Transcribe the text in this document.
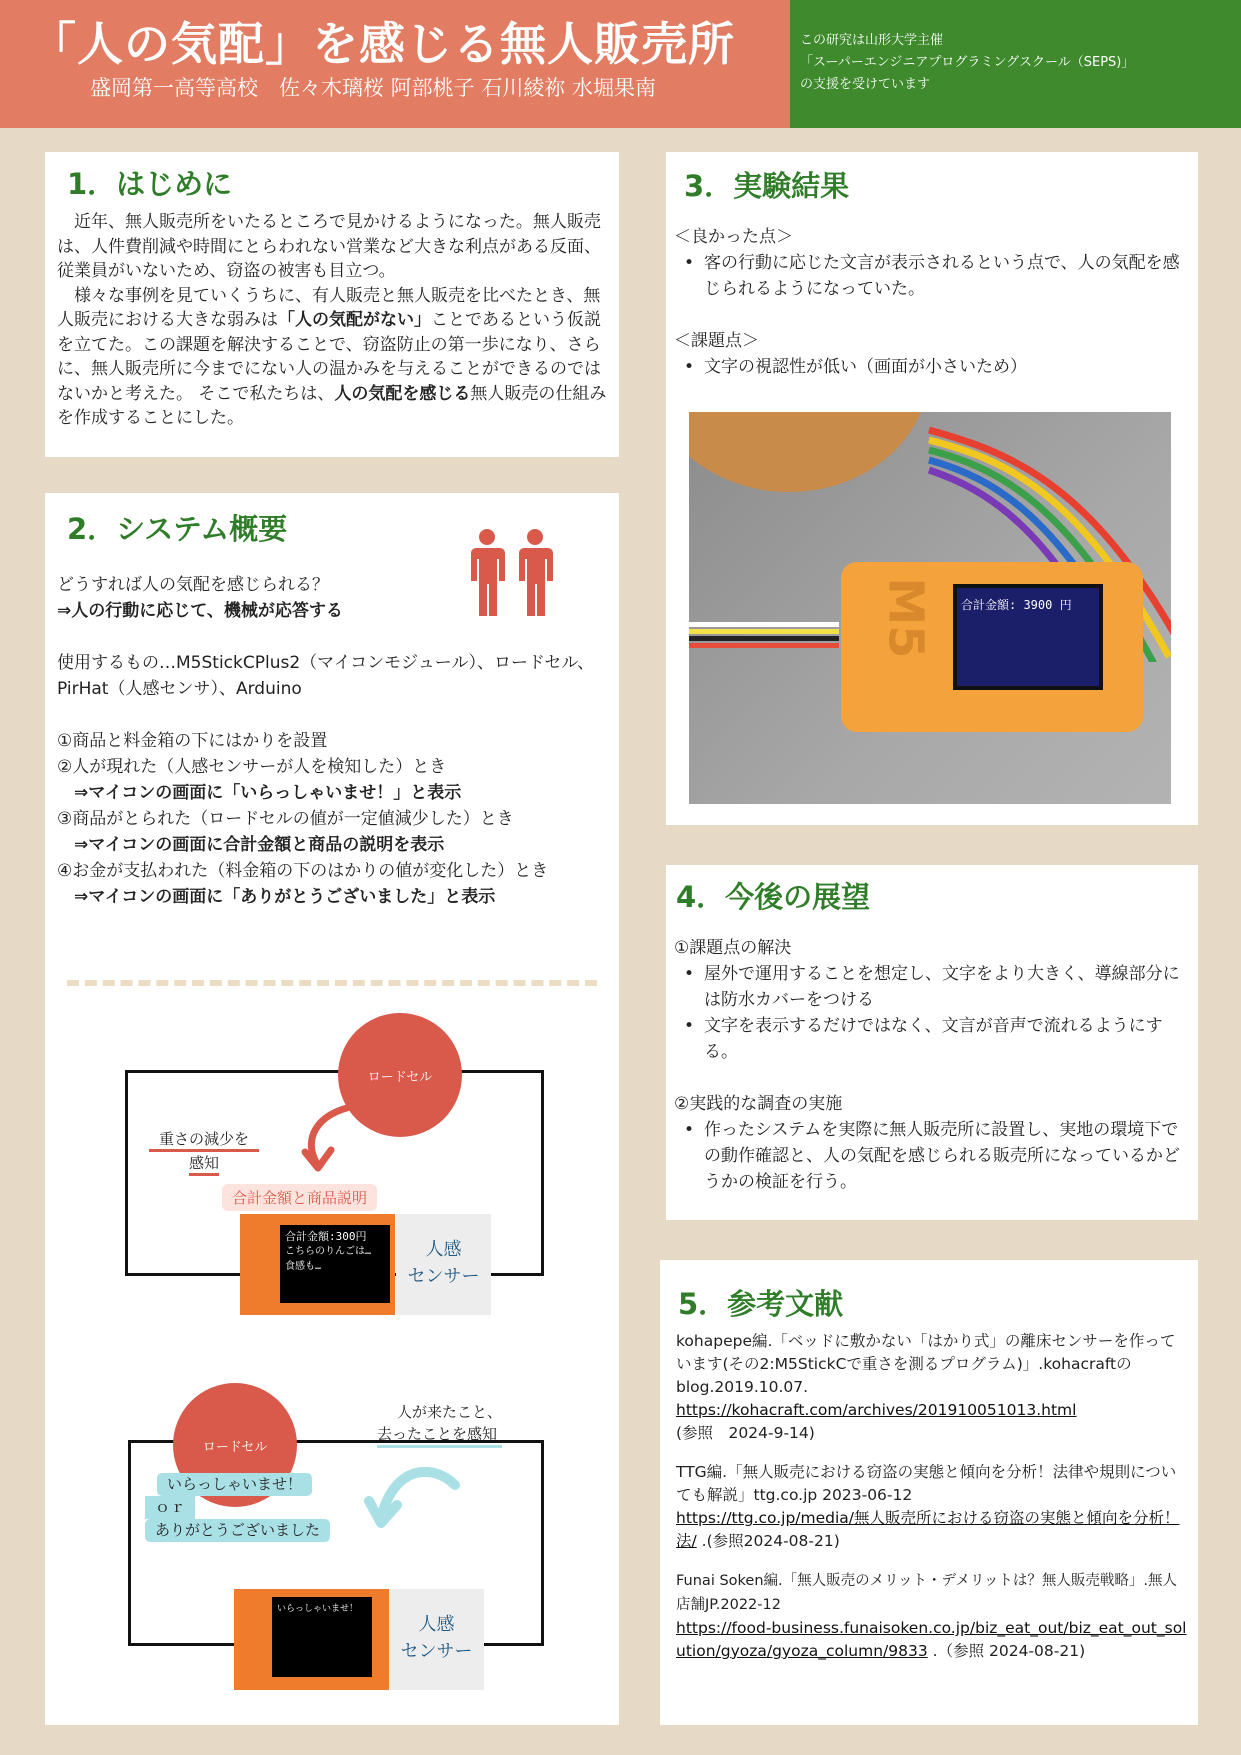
「人の気配」を感じる無人販売所
盛岡第一高等高校　佐々木璃桜 阿部桃子 石川綾祢 水堀果南
この研究は山形大学主催
「スーパーエンジニアプログラミングスクール（SEPS)」
の支援を受けています
1．はじめに

　近年、無人販売所をいたるところで見かけるようになった。無人販売は、人件費削減や時間にとらわれない営業など大きな利点がある反面、従業員がいないため、窃盗の被害も目立つ。

　様々な事例を見ていくうちに、有人販売と無人販売を比べたとき、無人販売における大きな弱みは「人の気配がない」ことであるという仮説を立てた。この課題を解決することで、窃盗防止の第一歩になり、さらに、無人販売所に今までにない人の温かみを与えることができるのではないかと考えた。 そこで私たちは、人の気配を感じる無人販売の仕組みを作成することにした。

2．システム概要

どうすれば人の気配を感じられる？

⇒人の行動に応じて、機械が応答する

使用するもの…M5StickCPlus2（マイコンモジュール）、ロードセル、PirHat（人感センサ）、Arduino

①商品と料金箱の下にはかりを設置

②人が現れた（人感センサーが人を検知した）とき

　⇒マイコンの画面に「いらっしゃいませ！」と表示

③商品がとられた（ロードセルの値が一定値減少した）とき

　⇒マイコンの画面に合計金額と商品の説明を表示

④お金が支払われた（料金箱の下のはかりの値が変化した）とき

　⇒マイコンの画面に「ありがとうございました」と表示

ロードセル
重さの減少を
感知
合計金額と商品説明
合計金額:300円
こちらのりんごは…
食感も…
人感
センサー
ロードセル
人が来たこと、
去ったことを感知
いらっしゃいませ！
ｏｒ
ありがとうございました
いらっしゃいませ！
人感
センサー
3．実験結果

＜良かった点＞

• 客の行動に応じた文言が表示されるという点で、人の気配を感じられるようになっていた。

＜課題点＞

• 文字の視認性が低い（画面が小さいため）
M5	合計金額: 3900 円
4．今後の展望

①課題点の解決

• 屋外で運用することを想定し、文字をより大きく、導線部分には防水カバーをつける
• 文字を表示するだけではなく、文言が音声で流れるようにする。

②実践的な調査の実施

• 作ったシステムを実際に無人販売所に設置し、実地の環境下での動作確認と、人の気配を感じられる販売所になっているかどうかの検証を行う。
5．参考文献

kohapepe編.「ベッドに敷かない「はかり式」の離床センサーを作っています(その2:M5StickCで重さを測るプログラム)」.kohacraftのblog.2019.10.07.
https://kohacraft.com/archives/201910051013.html
(参照　2024-9-14)

TTG編.「無人販売における窃盗の実態と傾向を分析！法律や規則についても解説」ttg.co.jp 2023-06-12
https://ttg.co.jp/media/無人販売所における窃盗の実態と傾向を分析！法/ .(参照2024-08-21)

Funai Soken編.「無人販売のメリット・デメリットは？無人販売戦略」.無人店舗JP.2022-12
https://food-business.funaisoken.co.jp/biz_eat_out/biz_eat_out_solution/gyoza/gyoza_column/9833 .（参照 2024-08-21)
